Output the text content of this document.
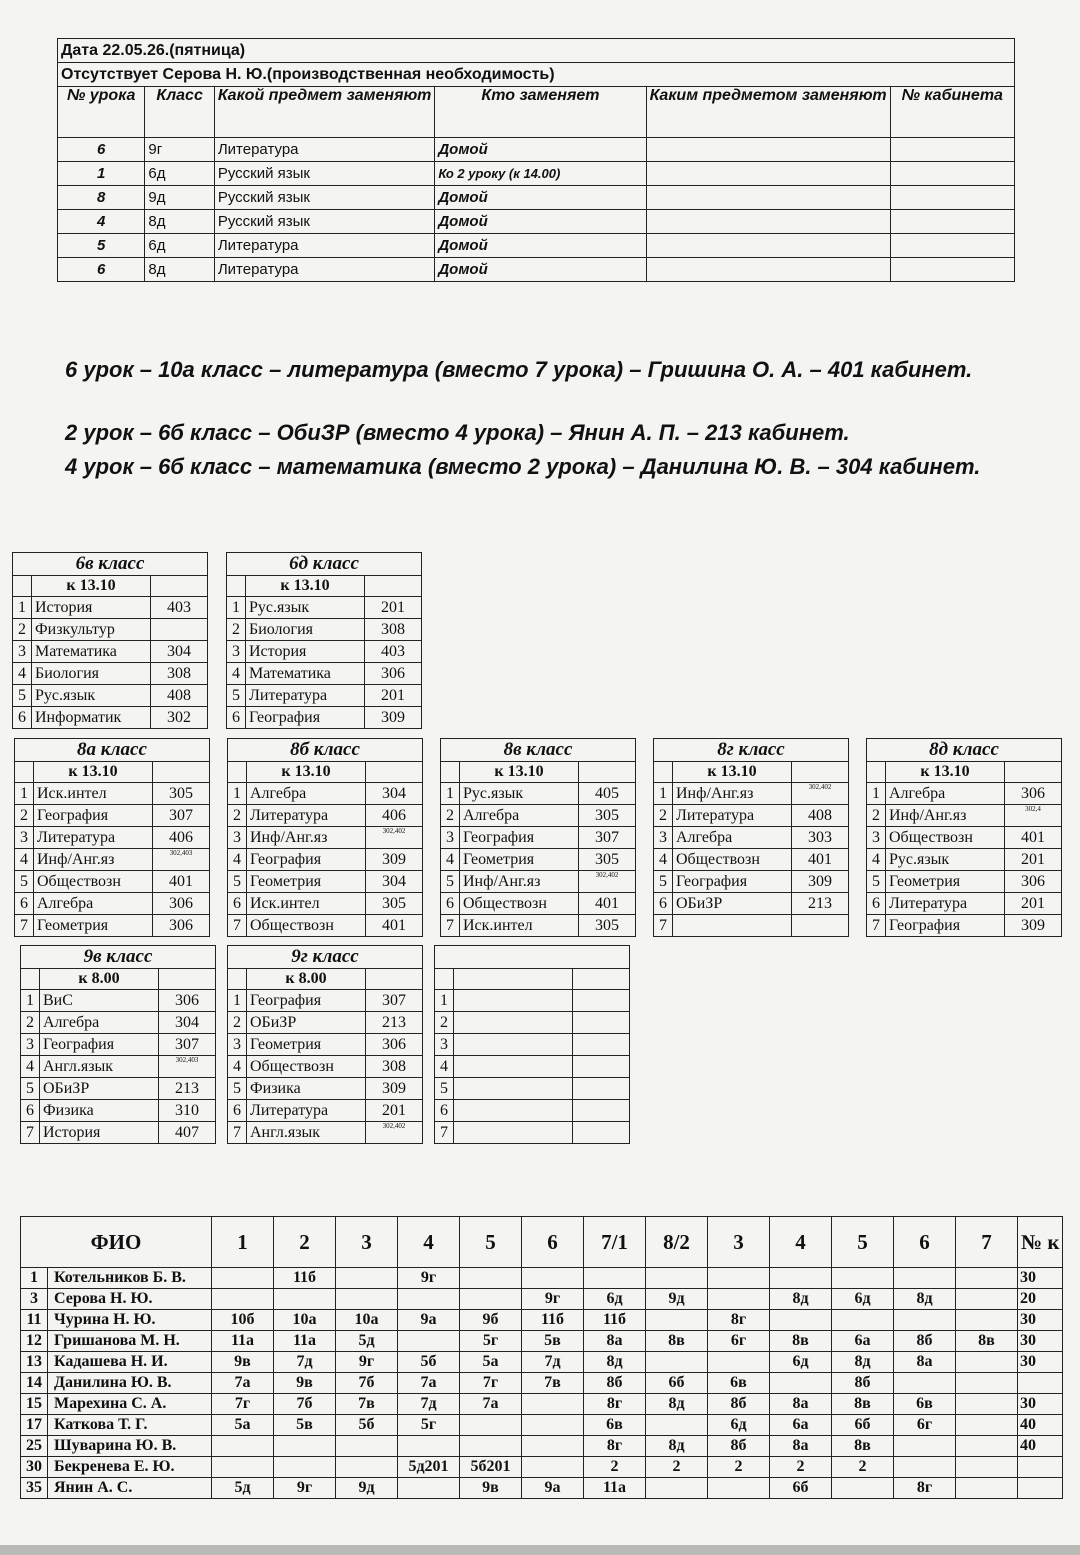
Дата 22.05.26.(пятница)					
Отсутствует Серова Н. Ю.(производственная необходимость)					
№ урока	Класс	Какой предмет заменяют	Кто заменяет	Каким предметом заменяют	№ кабинета
6	9г	Литература	Домой		
1	6д	Русский язык	Ко 2 уроку (к 14.00)		
8	9д	Русский язык	Домой		
4	8д	Русский язык	Домой		
5	6д	Литература	Домой		
6	8д	Литература	Домой		
6 урок – 10а класс – литература (вместо 7 урока) – Гришина О. А. – 401 кабинет.
2 урок – 6б класс – ОбиЗР (вместо 4 урока) – Янин А. П. – 213 кабинет.
4 урок – 6б класс – математика (вместо 2 урока) – Данилина Ю. В. – 304 кабинет.
6в класс		
	к 13.10	
1	История	403
2	Физкультур	
3	Математика	304
4	Биология	308
5	Рус.язык	408
6	Информатик	302
6д класс		
	к 13.10	
1	Рус.язык	201
2	Биология	308
3	История	403
4	Математика	306
5	Литература	201
6	География	309
8а класс		
	к 13.10	
1	Иск.интел	305
2	География	307
3	Литература	406
4	Инф/Анг.яз	302,403
5	Обществозн	401
6	Алгебра	306
7	Геометрия	306
8б класс		
	к 13.10	
1	Алгебра	304
2	Литература	406
3	Инф/Анг.яз	302,402
4	География	309
5	Геометрия	304
6	Иск.интел	305
7	Обществозн	401
8в класс		
	к 13.10	
1	Рус.язык	405
2	Алгебра	305
3	География	307
4	Геометрия	305
5	Инф/Анг.яз	302,402
6	Обществозн	401
7	Иск.интел	305
8г класс		
	к 13.10	
1	Инф/Анг.яз	302,402
2	Литература	408
3	Алгебра	303
4	Обществозн	401
5	География	309
6	ОБиЗР	213
7		
8д класс		
	к 13.10	
1	Алгебра	306
2	Инф/Анг.яз	302,4
3	Обществозн	401
4	Рус.язык	201
5	Геометрия	306
6	Литература	201
7	География	309
9в класс		
	к 8.00	
1	ВиС	306
2	Алгебра	304
3	География	307
4	Англ.язык	302,403
5	ОБиЗР	213
6	Физика	310
7	История	407
9г класс		
	к 8.00	
1	География	307
2	ОБиЗР	213
3	Геометрия	306
4	Обществозн	308
5	Физика	309
6	Литература	201
7	Англ.язык	302,402

1		
2		
3		
4		
5		
6		
7		
ФИО		1	2	3	4	5	6	7/1	8/2	3	4	5	6	7	№ к
1	Котельников Б. В.		11б		9г										30
3	Серова Н. Ю.						9г	6д	9д		8д	6д	8д		20
11	Чурина Н. Ю.	10б	10а	10а	9а	9б	11б	11б		8г					30
12	Гришанова М. Н.	11а	11а	5д		5г	5в	8а	8в	6г	8в	6а	8б	8в	30
13	Кадашева Н. И.	9в	7д	9г	5б	5а	7д	8д			6д	8д	8а		30
14	Данилина Ю. В.	7а	9в	7б	7а	7г	7в	8б	6б	6в		8б			
15	Марехина С. А.	7г	7б	7в	7д	7а		8г	8д	8б	8а	8в	6в		30
17	Каткова Т. Г.	5а	5в	5б	5г			6в		6д	6а	6б	6г		40
25	Шуварина Ю. В.							8г	8д	8б	8а	8в			40
30	Бекренева Е. Ю.				5д201	5б201		2	2	2	2	2			
35	Янин А. С.	5д	9г	9д		9в	9а	11а			6б		8г		
